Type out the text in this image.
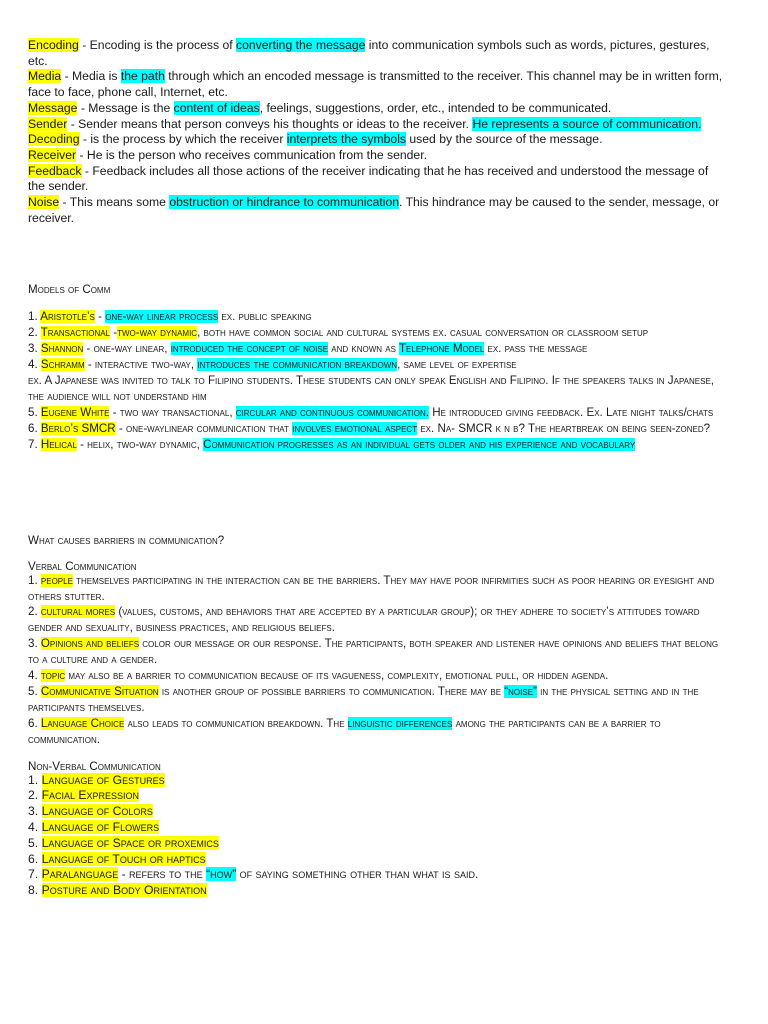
Encoding - Encoding is the process of converting the message into communication symbols such as words, pictures, gestures, etc.

Media - Media is the path through which an encoded message is transmitted to the receiver. This channel may be in written form, face to face, phone call, Internet, etc.

Message - Message is the content of ideas, feelings, suggestions, order, etc., intended to be communicated.

Sender - Sender means that person conveys his thoughts or ideas to the receiver. He represents a source of communication.

Decoding - is the process by which the receiver interprets the symbols used by the source of the message.

Receiver - He is the person who receives communication from the sender.

Feedback - Feedback includes all those actions of the receiver indicating that he has received and understood the message of the sender.

Noise - This means some obstruction or hindrance to communication. This hindrance may be caused to the sender, message, or receiver.

Models of Comm

1. Aristotle’s - one-way linear process ex. public speaking

2. Transactional -two-way dynamic, both have common social and cultural systems ex. casual conversation or classroom setup

3. Shannon - one-way linear, introduced the concept of noise and known as Telephone Model ex. pass the message

4. Schramm - interactive two-way, introduces the communication breakdown, same level of expertise

ex. A Japanese was invited to talk to Filipino students. These students can only speak English and Filipino. If the speakers talks in Japanese, the audience will not understand him

5. Eugene White - two way transactional, circular and continuous communication. He introduced giving feedback. Ex. Late night talks/chats

6. Berlo’s SMCR - one-waylinear communication that involves emotional aspect ex. Na- SMCR k n b? The heartbreak on being seen-zoned?

7. Helical - helix, two-way dynamic, Communication progresses as an individual gets older and his experience and vocabulary

What causes barriers in communication?

Verbal Communication

1. people themselves participating in the interaction can be the barriers. They may have poor infirmities such as poor hearing or eyesight and others stutter.

2. cultural mores (values, customs, and behaviors that are accepted by a particular group); or they adhere to society’s attitudes toward gender and sexuality, business practices, and religious beliefs.

3. Opinions and beliefs color our message or our response. The participants, both speaker and listener have opinions and beliefs that belong to a culture and a gender.

4. topic may also be a barrier to communication because of its vagueness, complexity, emotional pull, or hidden agenda.

5. Communicative Situation is another group of possible barriers to communication. There may be “noise” in the physical setting and in the participants themselves.

6. Language Choice also leads to communication breakdown. The linguistic differences among the participants can be a barrier to communication.

Non-Verbal Communication

1. Language of Gestures

2. Facial Expression

3. Language of Colors

4. Language of Flowers

5. Language of Space or proxemics

6. Language of Touch or haptics

7. Paralanguage - refers to the “how” of saying something other than what is said.

8. Posture and Body Orientation
